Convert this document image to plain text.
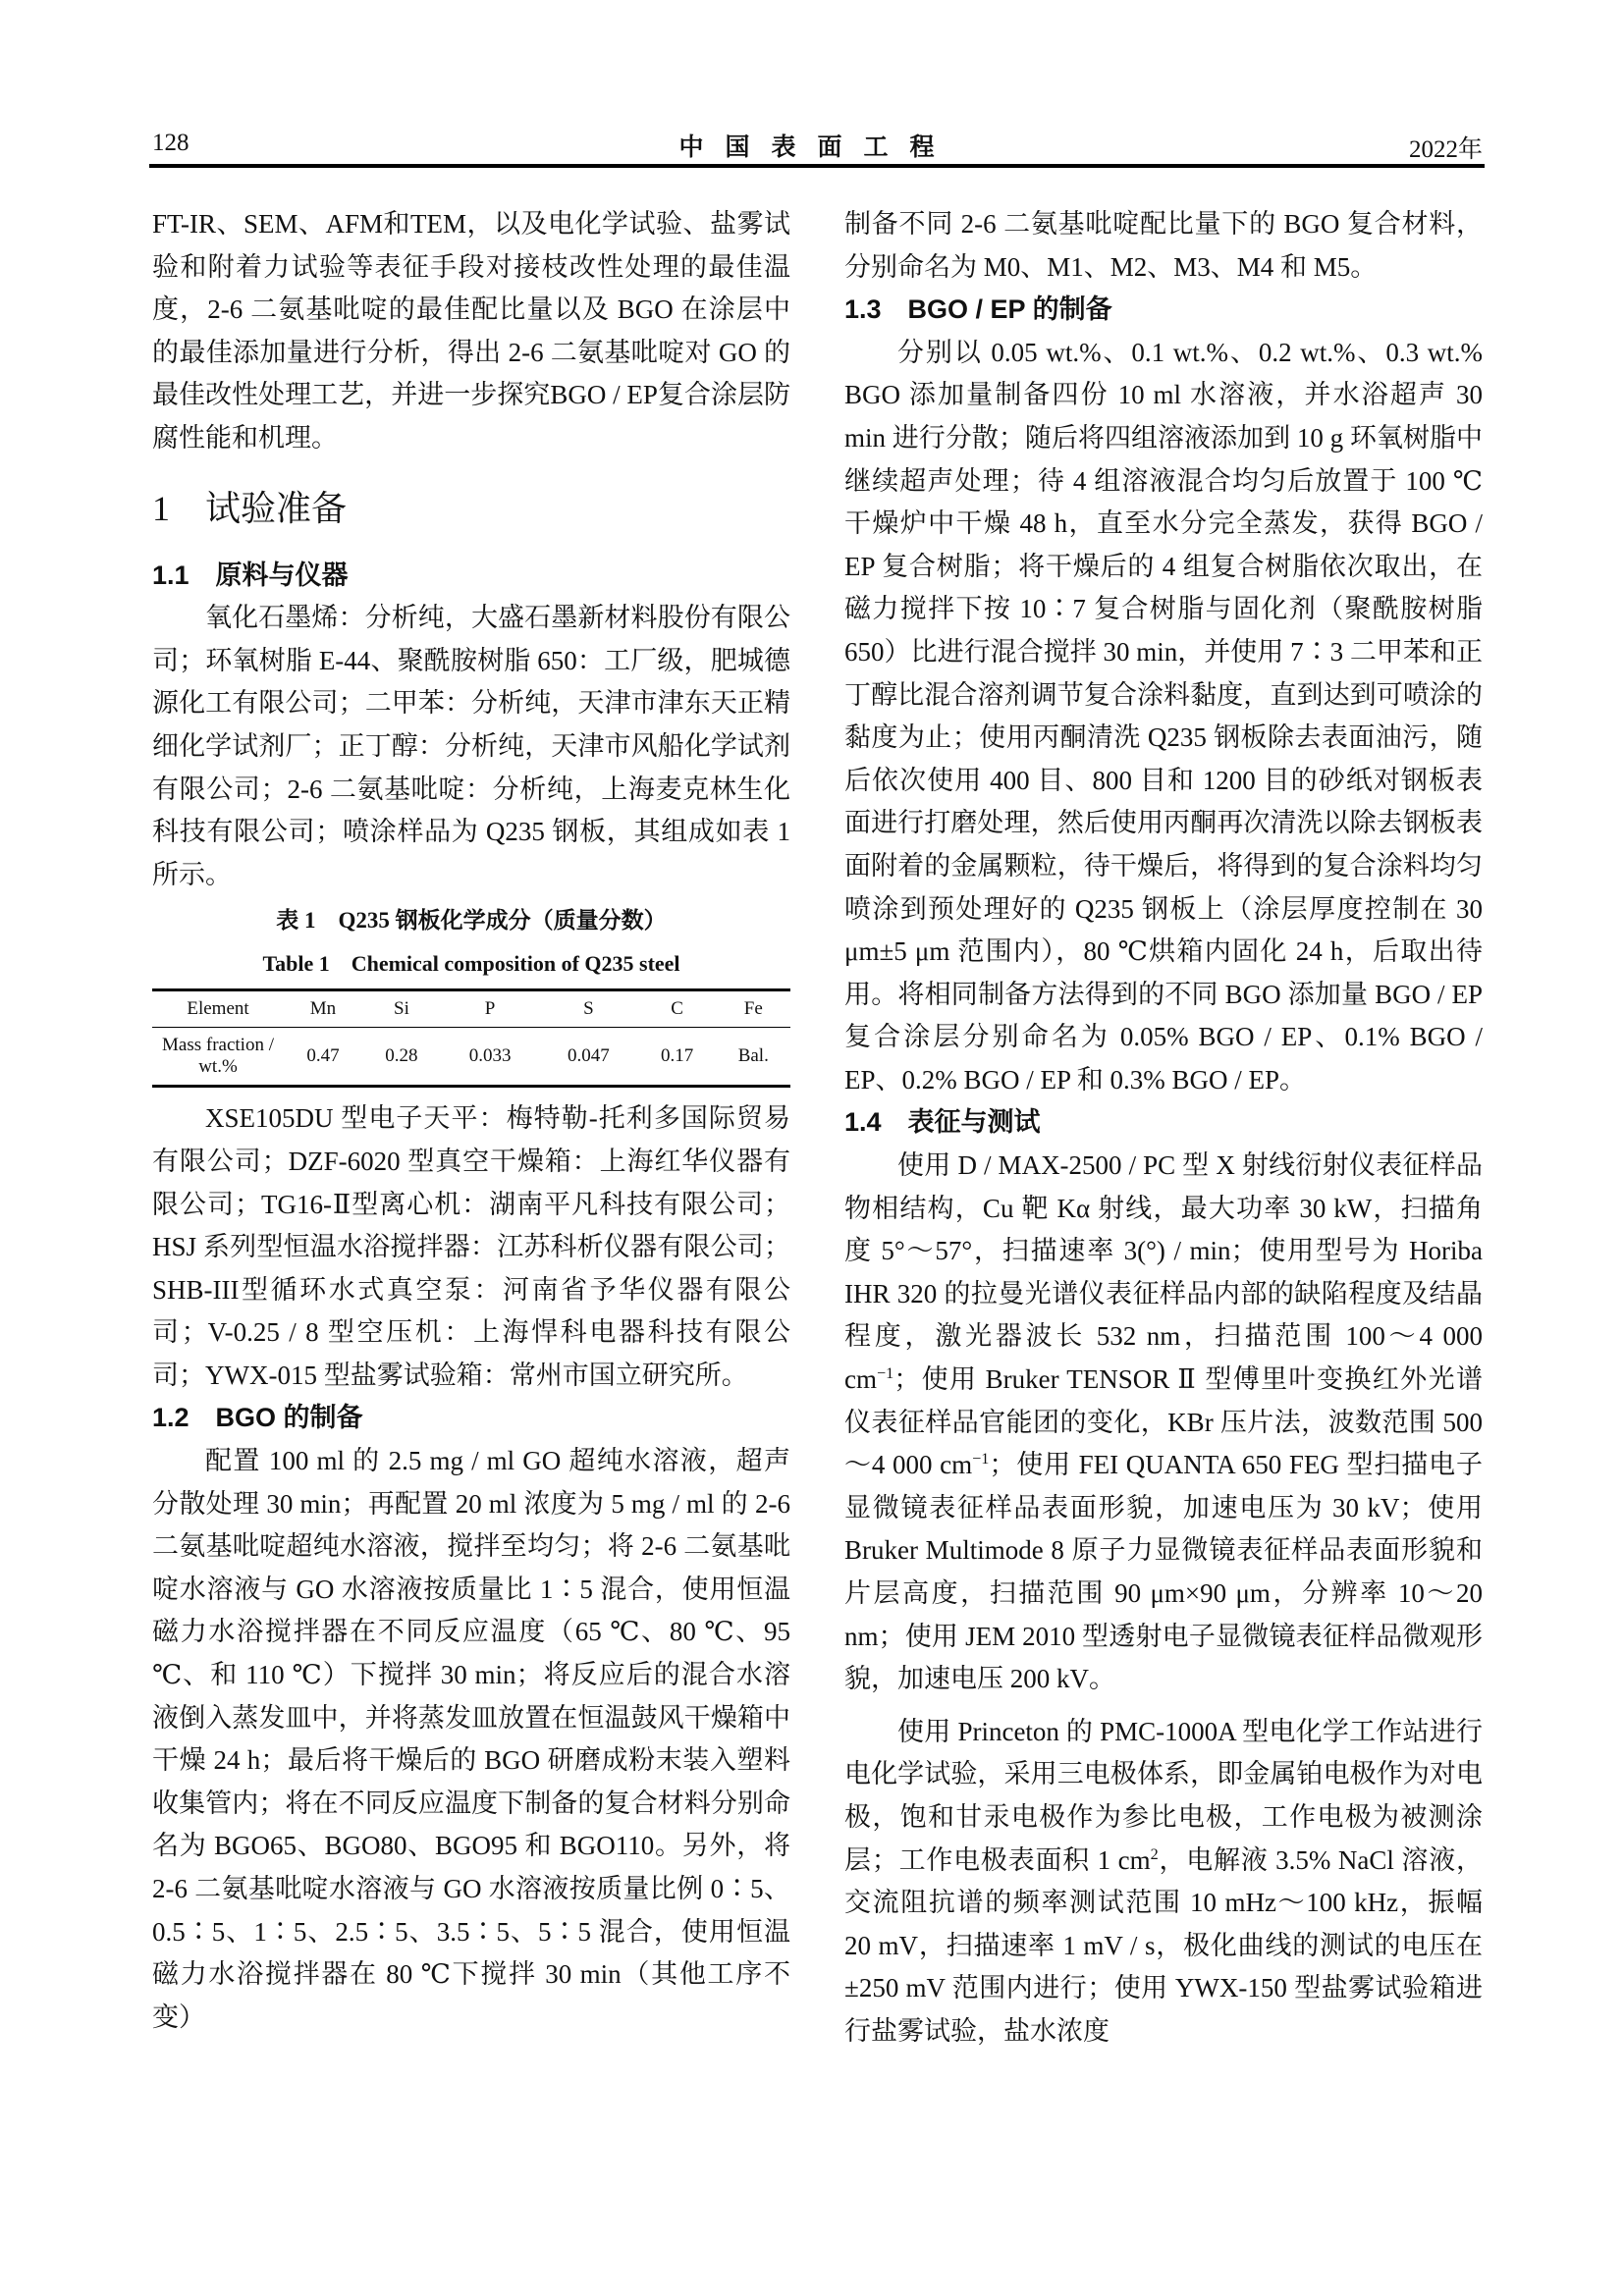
128	中国表面工程	2022年

FT-IR、SEM、AFM和TEM，以及电化学试验、盐雾试验和附着力试验等表征手段对接枝改性处理的最佳温度，2-6 二氨基吡啶的最佳配比量以及 BGO 在涂层中的最佳添加量进行分析，得出 2-6 二氨基吡啶对 GO 的最佳改性处理工艺，并进一步探究BGO / EP复合涂层防腐性能和机理。

1　试验准备
1.1　原料与仪器

氧化石墨烯：分析纯，大盛石墨新材料股份有限公司；环氧树脂 E-44、聚酰胺树脂 650：工厂级，肥城德源化工有限公司；二甲苯：分析纯，天津市津东天正精细化学试剂厂；正丁醇：分析纯，天津市风船化学试剂有限公司；2-6 二氨基吡啶：分析纯，上海麦克林生化科技有限公司；喷涂样品为 Q235 钢板，其组成如表 1 所示。

表 1　Q235 钢板化学成分（质量分数）
Table 1　Chemical composition of Q235 steel
Element	Mn	Si	P	S	C	Fe
Mass fraction / wt.%	0.47	0.28	0.033	0.047	0.17	Bal.

XSE105DU 型电子天平：梅特勒-托利多国际贸易有限公司；DZF-6020 型真空干燥箱：上海红华仪器有限公司；TG16-Ⅱ型离心机：湖南平凡科技有限公司；HSJ 系列型恒温水浴搅拌器：江苏科析仪器有限公司；SHB-III型循环水式真空泵：河南省予华仪器有限公司；V-0.25 / 8 型空压机：上海悍科电器科技有限公司；YWX-015 型盐雾试验箱：常州市国立研究所。

1.2　BGO 的制备

配置 100 ml 的 2.5 mg / ml GO 超纯水溶液，超声分散处理 30 min；再配置 20 ml 浓度为 5 mg / ml 的 2-6 二氨基吡啶超纯水溶液，搅拌至均匀；将 2-6 二氨基吡啶水溶液与 GO 水溶液按质量比 1∶5 混合，使用恒温磁力水浴搅拌器在不同反应温度（65 ℃、80 ℃、95 ℃、和 110 ℃）下搅拌 30 min；将反应后的混合水溶液倒入蒸发皿中，并将蒸发皿放置在恒温鼓风干燥箱中干燥 24 h；最后将干燥后的 BGO 研磨成粉末装入塑料收集管内；将在不同反应温度下制备的复合材料分别命名为 BGO65、BGO80、BGO95 和 BGO110。另外，将 2-6 二氨基吡啶水溶液与 GO 水溶液按质量比例 0∶5、0.5∶5、1∶5、2.5∶5、3.5∶5、5∶5 混合，使用恒温磁力水浴搅拌器在 80 ℃下搅拌 30 min（其他工序不变）

制备不同 2-6 二氨基吡啶配比量下的 BGO 复合材料，分别命名为 M0、M1、M2、M3、M4 和 M5。

1.3　BGO / EP 的制备

分别以 0.05 wt.%、0.1 wt.%、0.2 wt.%、0.3 wt.% BGO 添加量制备四份 10 ml 水溶液，并水浴超声 30 min 进行分散；随后将四组溶液添加到 10 g 环氧树脂中继续超声处理；待 4 组溶液混合均匀后放置于 100 ℃干燥炉中干燥 48 h，直至水分完全蒸发，获得 BGO / EP 复合树脂；将干燥后的 4 组复合树脂依次取出，在磁力搅拌下按 10∶7 复合树脂与固化剂（聚酰胺树脂 650）比进行混合搅拌 30 min，并使用 7∶3 二甲苯和正丁醇比混合溶剂调节复合涂料黏度，直到达到可喷涂的黏度为止；使用丙酮清洗 Q235 钢板除去表面油污，随后依次使用 400 目、800 目和 1200 目的砂纸对钢板表面进行打磨处理，然后使用丙酮再次清洗以除去钢板表面附着的金属颗粒，待干燥后，将得到的复合涂料均匀喷涂到预处理好的 Q235 钢板上（涂层厚度控制在 30 μm±5 μm 范围内），80 ℃烘箱内固化 24 h，后取出待用。将相同制备方法得到的不同 BGO 添加量 BGO / EP 复合涂层分别命名为 0.05% BGO / EP、0.1% BGO / EP、0.2% BGO / EP 和 0.3% BGO / EP。

1.4　表征与测试

使用 D / MAX-2500 / PC 型 X 射线衍射仪表征样品物相结构，Cu 靶 Kα 射线，最大功率 30 kW，扫描角度 5°～57°，扫描速率 3(°) / min；使用型号为 Horiba IHR 320 的拉曼光谱仪表征样品内部的缺陷程度及结晶程度，激光器波长 532 nm，扫描范围 100～4 000 $cm^{-1}$；使用 Bruker TENSOR Ⅱ 型傅里叶变换红外光谱仪表征样品官能团的变化，KBr 压片法，波数范围 500～4 000 $cm^{-1}$；使用 FEI QUANTA 650 FEG 型扫描电子显微镜表征样品表面形貌，加速电压为 30 kV；使用 Bruker Multimode 8 原子力显微镜表征样品表面形貌和片层高度，扫描范围 90 μm×90 μm，分辨率 10～20 nm；使用 JEM 2010 型透射电子显微镜表征样品微观形貌，加速电压 200 kV。

使用 Princeton 的 PMC-1000A 型电化学工作站进行电化学试验，采用三电极体系，即金属铂电极作为对电极，饱和甘汞电极作为参比电极，工作电极为被测涂层；工作电极表面积 1 $cm^2$，电解液 3.5% NaCl 溶液，交流阻抗谱的频率测试范围 10 mHz～100 kHz，振幅 20 mV，扫描速率 1 mV / s，极化曲线的测试的电压在±250 mV 范围内进行；使用 YWX-150 型盐雾试验箱进行盐雾试验，盐水浓度
